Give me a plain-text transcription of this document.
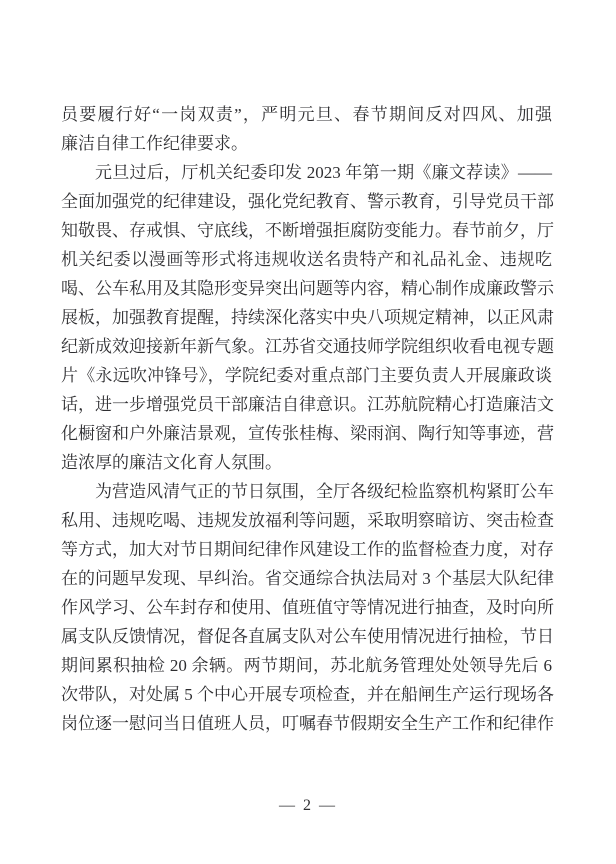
员要履行好“一岗双责”，严明元旦、春节期间反对四风、加强
廉洁自律工作纪律要求。

元旦过后，厅机关纪委印发 2023 年第一期《廉文荐读》——
全面加强党的纪律建设，强化党纪教育、警示教育，引导党员干部
知敬畏、存戒惧、守底线，不断增强拒腐防变能力。春节前夕，厅
机关纪委以漫画等形式将违规收送名贵特产和礼品礼金、违规吃
喝、公车私用及其隐形变异突出问题等内容，精心制作成廉政警示
展板，加强教育提醒，持续深化落实中央八项规定精神，以正风肃
纪新成效迎接新年新气象。江苏省交通技师学院组织收看电视专题
片《永远吹冲锋号》，学院纪委对重点部门主要负责人开展廉政谈
话，进一步增强党员干部廉洁自律意识。江苏航院精心打造廉洁文
化橱窗和户外廉洁景观，宣传张桂梅、梁雨润、陶行知等事迹，营
造浓厚的廉洁文化育人氛围。

为营造风清气正的节日氛围，全厅各级纪检监察机构紧盯公车
私用、违规吃喝、违规发放福利等问题，采取明察暗访、突击检查
等方式，加大对节日期间纪律作风建设工作的监督检查力度，对存
在的问题早发现、早纠治。省交通综合执法局对 3 个基层大队纪律
作风学习、公车封存和使用、值班值守等情况进行抽查，及时向所
属支队反馈情况，督促各直属支队对公车使用情况进行抽检，节日
期间累积抽检 20 余辆。两节期间，苏北航务管理处处领导先后 6
次带队，对处属 5 个中心开展专项检查，并在船闸生产运行现场各
岗位逐一慰问当日值班人员，叮嘱春节假期安全生产工作和纪律作

— 2 —
